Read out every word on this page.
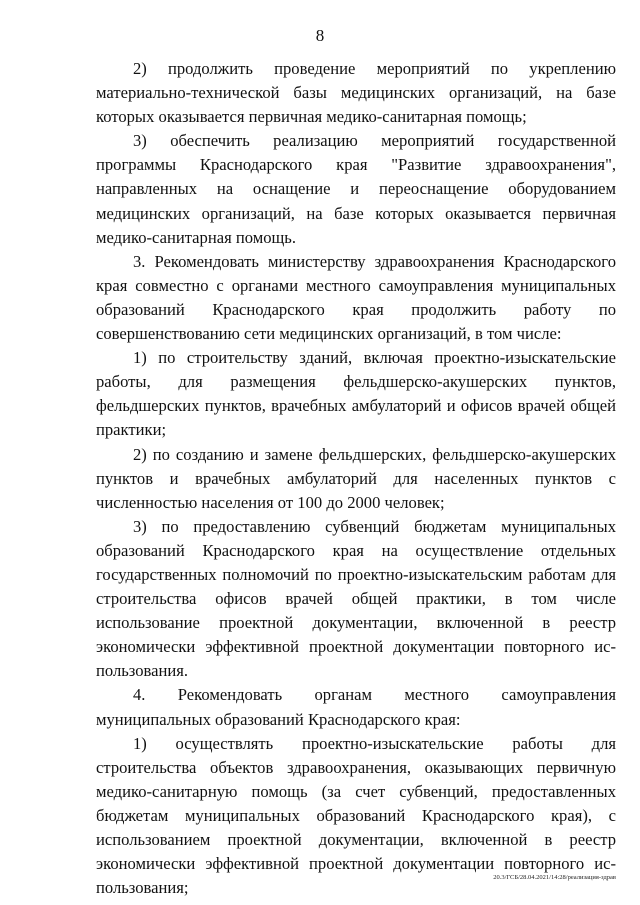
8

2) продолжить проведение мероприятий по укреплению материально-технической базы медицинских организаций, на базе которых оказывается первичная медико-санитарная помощь;

3) обеспечить реализацию мероприятий государственной программы Краснодарского края "Развитие здравоохранения", направленных на оснащение и переоснащение оборудованием медицинских организаций, на базе которых оказывается первичная медико-санитарная помощь.

3. Рекомендовать министерству здравоохранения Краснодарского края совместно с органами местного самоуправления муниципальных образований Краснодарского края продолжить работу по совершенствованию сети медицинских организаций, в том числе:

1) по строительству зданий, включая проектно-изыскательские работы, для размещения фельдшерско-акушерских пунктов, фельдшерских пунктов, врачебных амбулаторий и офисов врачей общей практики;

2) по созданию и замене фельдшерских, фельдшерско-акушерских пунктов и врачебных амбулаторий для населенных пунктов с численностью населения от 100 до 2000 человек;

3) по предоставлению субвенций бюджетам муниципальных образований Краснодарского края на осуществление отдельных государственных полномочий по проектно-изыскательским работам для строительства офисов врачей общей практики, в том числе использование проектной документации, включенной в реестр экономически эффективной проектной документации повторного использования.

4. Рекомендовать органам местного самоуправления муниципальных образований Краснодарского края:

1) осуществлять проектно-изыскательские работы для строительства объектов здравоохранения, оказывающих первичную медико-санитарную помощь (за счет субвенций, предоставленных бюджетам муниципальных образований Краснодарского края), с использованием проектной документации, включенной в реестр экономически эффективной проектной документации повторного использования;

20.3/ГСБ/28.04.2021/14:28/реализация-здрав
